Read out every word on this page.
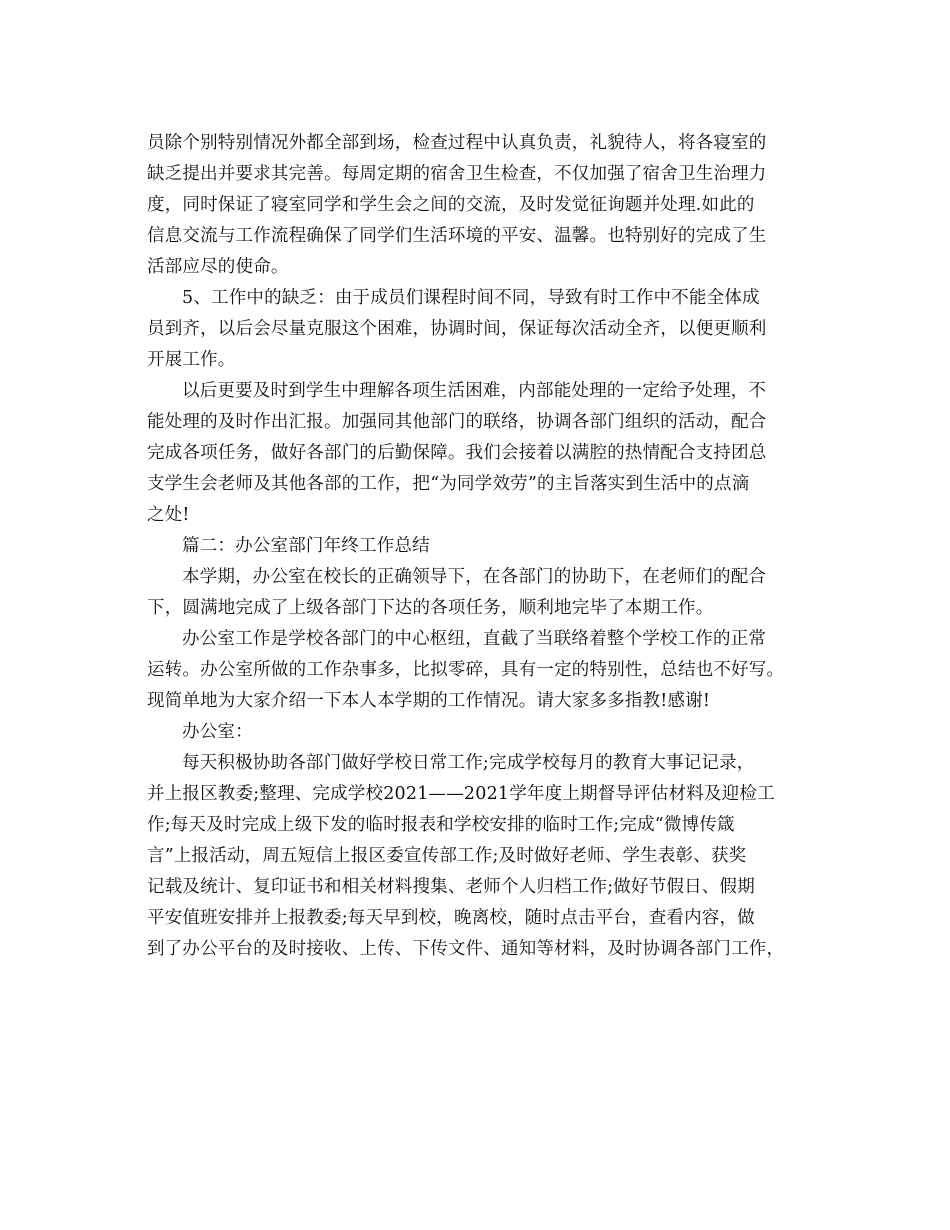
员除个别特别情况外都全部到场，检查过程中认真负责，礼貌待人，将各寝室的
缺乏提出并要求其完善。每周定期的宿舍卫生检查，不仅加强了宿舍卫生治理力
度，同时保证了寝室同学和学生会之间的交流，及时发觉征询题并处理.如此的
信息交流与工作流程确保了同学们生活环境的平安、温馨。也特别好的完成了生
活部应尽的使命。
5、工作中的缺乏：由于成员们课程时间不同，导致有时工作中不能全体成
员到齐，以后会尽量克服这个困难，协调时间，保证每次活动全齐，以便更顺利
开展工作。
以后更要及时到学生中理解各项生活困难，内部能处理的一定给予处理，不
能处理的及时作出汇报。加强同其他部门的联络，协调各部门组织的活动，配合
完成各项任务，做好各部门的后勤保障。我们会接着以满腔的热情配合支持团总
支学生会老师及其他各部的工作，把“为同学效劳”的主旨落实到生活中的点滴
之处!
篇二：办公室部门年终工作总结
本学期，办公室在校长的正确领导下，在各部门的协助下，在老师们的配合
下，圆满地完成了上级各部门下达的各项任务，顺利地完毕了本期工作。
办公室工作是学校各部门的中心枢纽，直截了当联络着整个学校工作的正常
运转。办公室所做的工作杂事多，比拟零碎，具有一定的特别性，总结也不好写。
现简单地为大家介绍一下本人本学期的工作情况。请大家多多指教!感谢!
办公室：
每天积极协助各部门做好学校日常工作;完成学校每月的教育大事记记录，
并上报区教委;整理、完成学校2021——2021学年度上期督导评估材料及迎检工
作;每天及时完成上级下发的临时报表和学校安排的临时工作;完成“微博传箴
言”上报活动，周五短信上报区委宣传部工作;及时做好老师、学生表彰、获奖
记载及统计、复印证书和相关材料搜集、老师个人归档工作;做好节假日、假期
平安值班安排并上报教委;每天早到校，晚离校，随时点击平台，查看内容，做
到了办公平台的及时接收、上传、下传文件、通知等材料，及时协调各部门工作，
